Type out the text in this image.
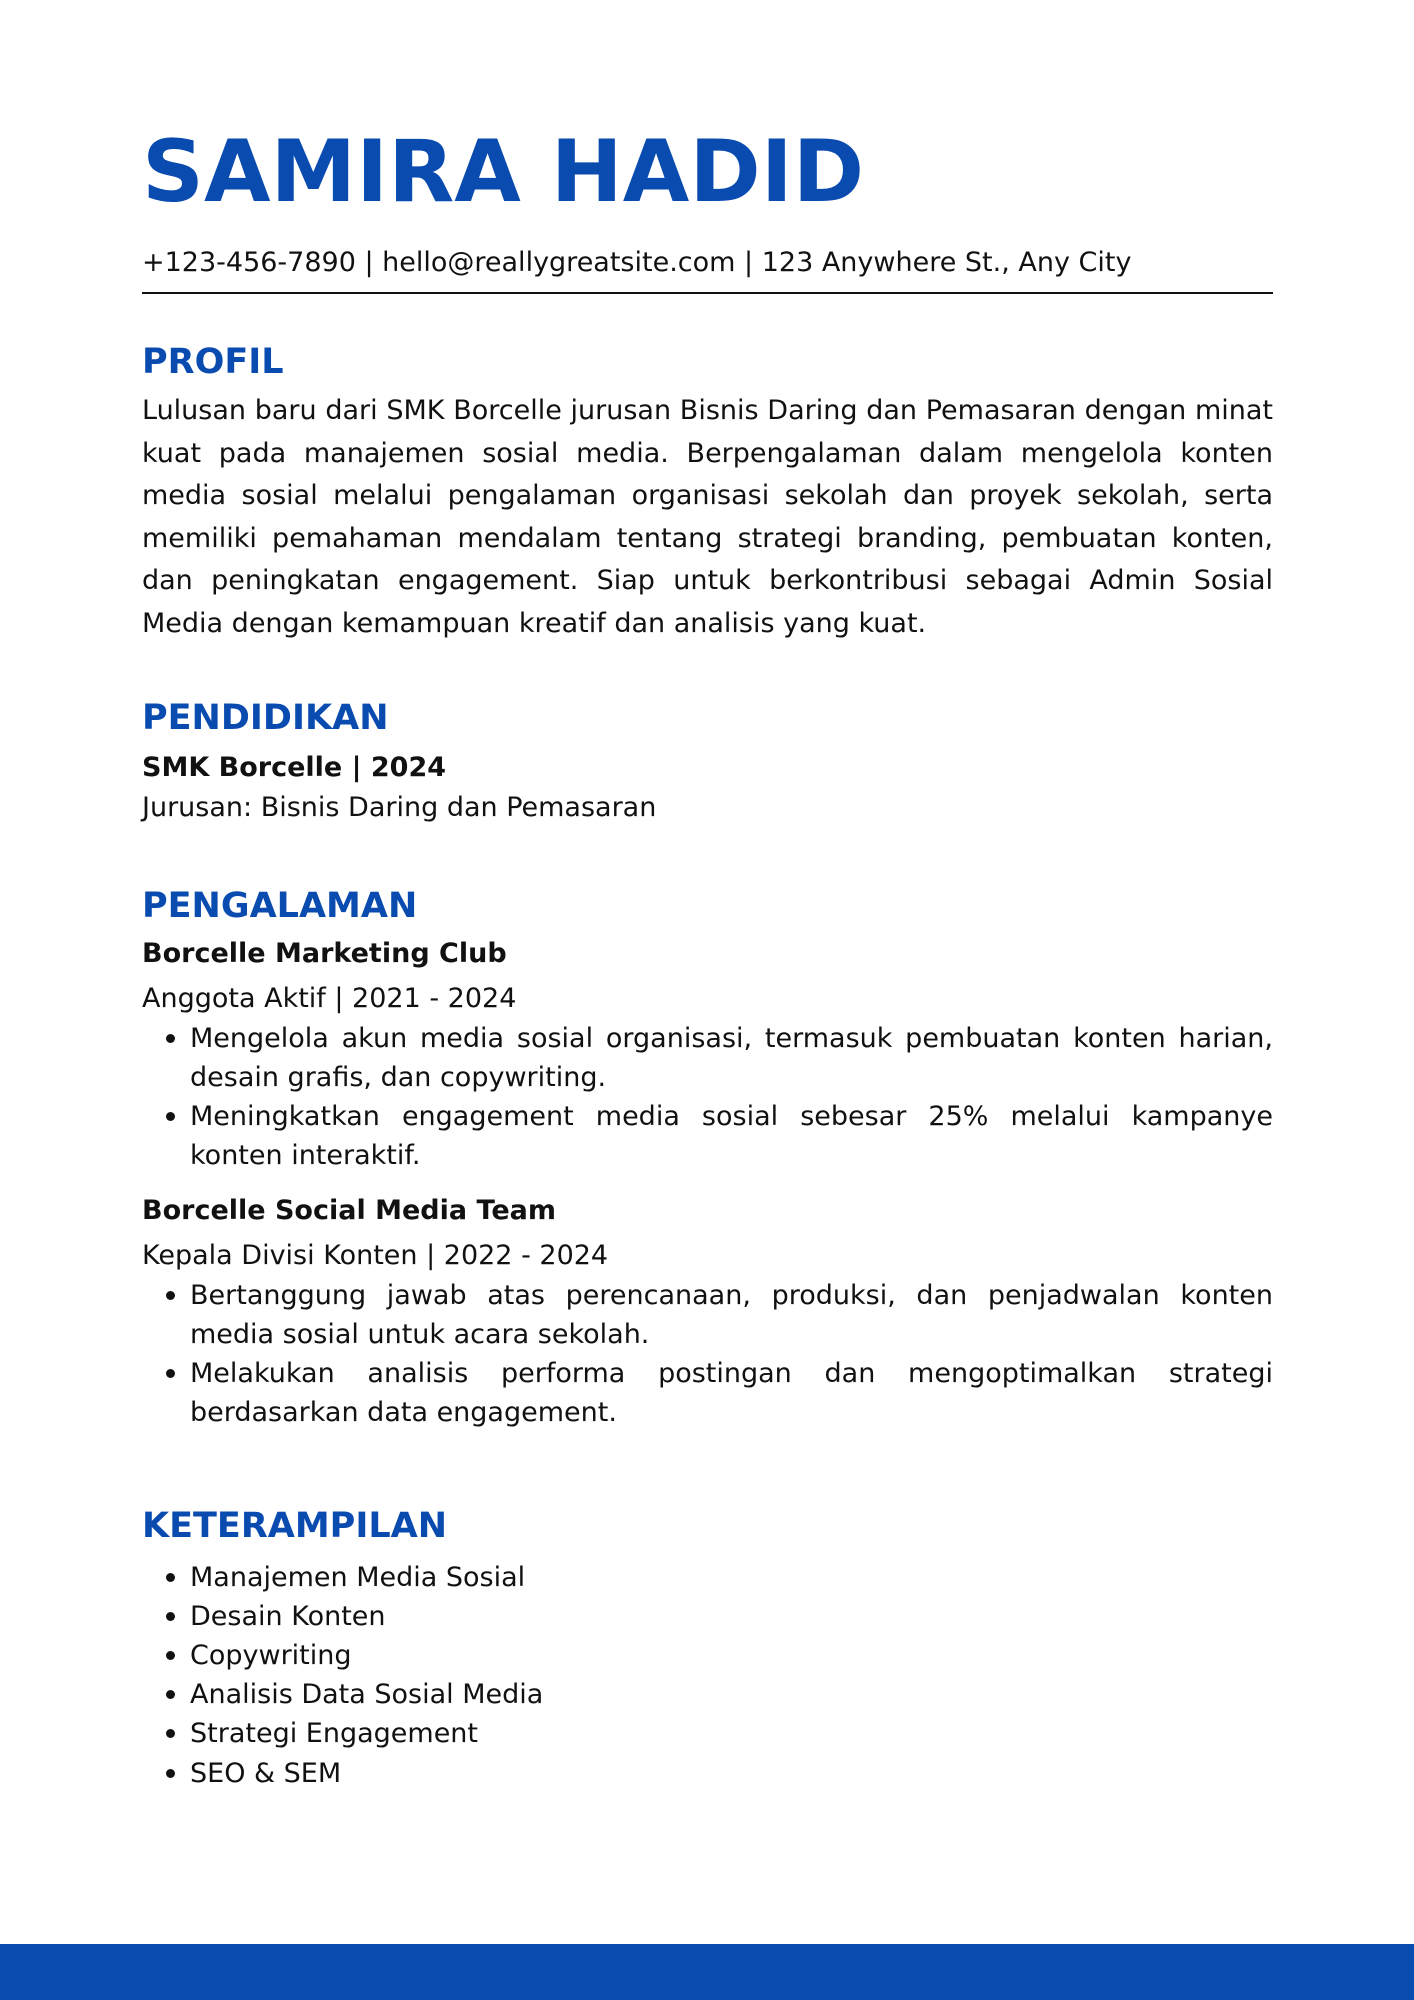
SAMIRA HADID
+123-456-7890 | hello@reallygreatsite.com | 123 Anywhere St., Any City
PROFIL
Lulusan baru dari SMK Borcelle jurusan Bisnis Daring dan Pemasaran dengan minat kuat pada manajemen sosial media. Berpengalaman dalam mengelola konten media sosial melalui pengalaman organisasi sekolah dan proyek sekolah, serta memiliki pemahaman mendalam tentang strategi branding, pembuatan konten, dan peningkatan engagement. Siap untuk berkontribusi sebagai Admin Sosial Media dengan kemampuan kreatif dan analisis yang kuat.
PENDIDIKAN
SMK Borcelle | 2024
Jurusan: Bisnis Daring dan Pemasaran
PENGALAMAN
Borcelle Marketing Club
Anggota Aktif | 2021 - 2024
Mengelola akun media sosial organisasi, termasuk pembuatan konten harian, desain grafis, dan copywriting.
Meningkatkan engagement media sosial sebesar 25% melalui kampanye konten interaktif.
Borcelle Social Media Team
Kepala Divisi Konten | 2022 - 2024
Bertanggung jawab atas perencanaan, produksi, dan penjadwalan konten media sosial untuk acara sekolah.
Melakukan analisis performa postingan dan mengoptimalkan strategi berdasarkan data engagement.
KETERAMPILAN
Manajemen Media Sosial
Desain Konten
Copywriting
Analisis Data Sosial Media
Strategi Engagement
SEO & SEM
